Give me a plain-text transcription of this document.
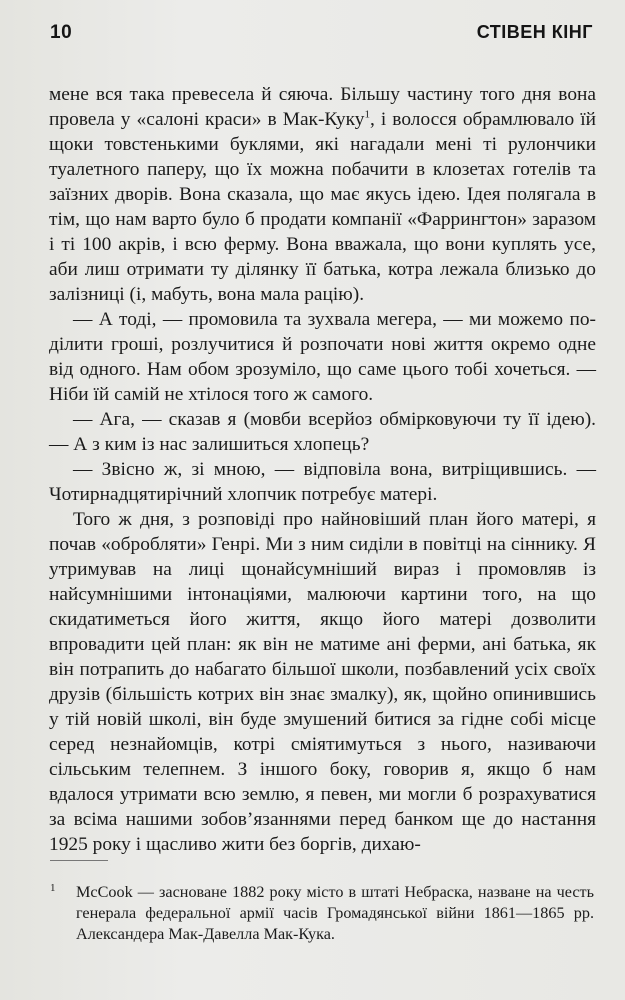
10	СТІВЕН КІНГ

мене вся така превесела й сяюча. Більшу частину того дня вона провела у «салоні краси» в Мак-Куку$^1$, і волосся обрамлювало їй щоки товстенькими буклями, які нагадали мені ті рулончики туалетного паперу, що їх можна побачити в клозетах готелів та заїзних дворів. Вона сказала, що має якусь ідею. Ідея полягала в тім, що нам варто було б продати компанії «Фаррингтон» заразом і ті 100 акрів, і всю ферму. Вона вважала, що вони куплять усе, аби лиш отримати ту ділянку її батька, котра лежала близько до залізниці (і, мабуть, вона мала рацію).

— А тоді, — промовила та зухвала мегера, — ми можемо поділити гроші, розлучитися й розпочати нові життя окремо одне від одного. Нам обом зрозуміло, що саме цього тобі хочеться. — Ніби їй самій не хтілося того ж самого.

— Ага, — сказав я (мовби всерйоз обмірковуючи ту її ідею). — А з ким із нас залишиться хлопець?

— Звісно ж, зі мною, — відповіла вона, витріщившись. — Чотирнадцятирічний хлопчик потребує матері.

Того ж дня, з розповіді про найновіший план його матері, я почав «обробляти» Генрі. Ми з ним сиділи в повітці на сіннику. Я утримував на лиці щонайсумніший вираз і промовляв із найсумнішими інтонаціями, малюючи картини того, на що скидатиметься його життя, якщо його матері дозволити впровадити цей план: як він не матиме ані ферми, ані батька, як він потрапить до набагато більшої школи, позбавлений усіх своїх друзів (більшість котрих він знає змалку), як, щойно опинившись у тій новій школі, він буде змушений битися за гідне собі місце серед незнайомців, котрі сміятимуться з нього, називаючи сільським телепнем. З іншого боку, говорив я, якщо б нам вдалося утримати всю землю, я певен, ми могли б розрахуватися за всіма нашими зобов’язаннями перед банком ще до настання 1925 року і щасливо жити без боргів, дихаю-

1 McCook — засноване 1882 року місто в штаті Небраска, назване на честь генерала федеральної армії часів Громадянської війни 1861—1865 рр. Александера Мак-Давелла Мак-Кука.
